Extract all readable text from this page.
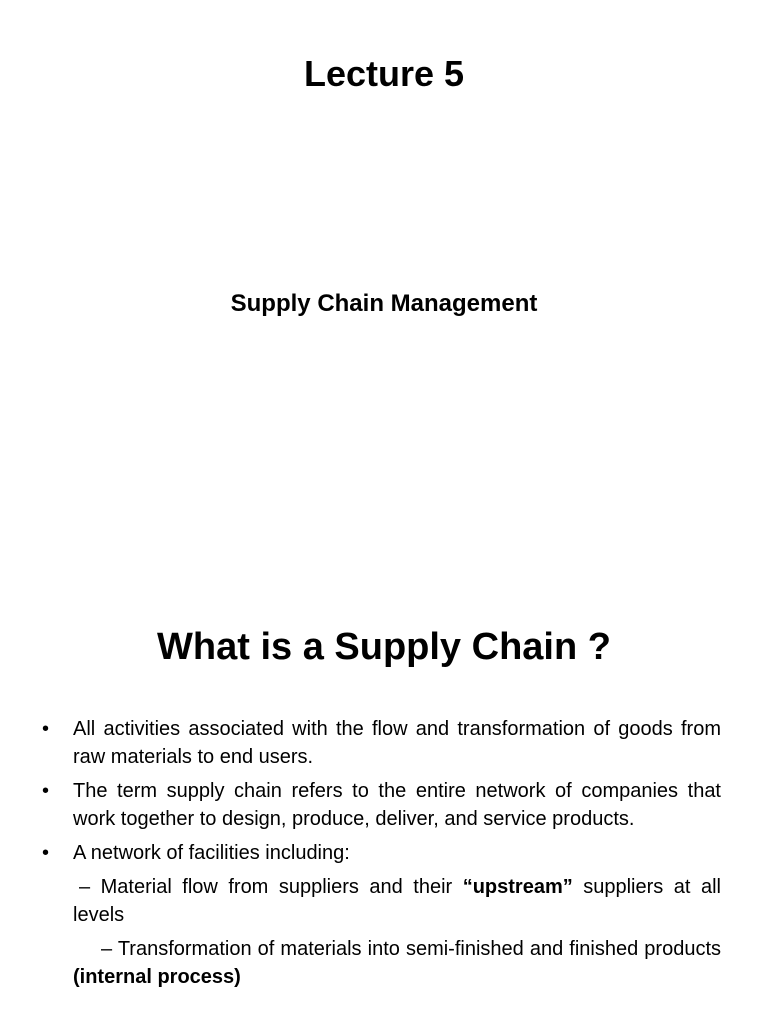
Lecture 5
Supply Chain Management
What is a Supply Chain ?
•	All activities associated with the flow and transformation of goods from raw materials to end users.
•	The term supply chain refers to the entire network of companies that work together to design, produce, deliver, and service products.
•	A network of facilities including:
– Material flow from suppliers and their “upstream” suppliers at all levels
– Transformation of materials into semi-finished and finished products (internal process)
